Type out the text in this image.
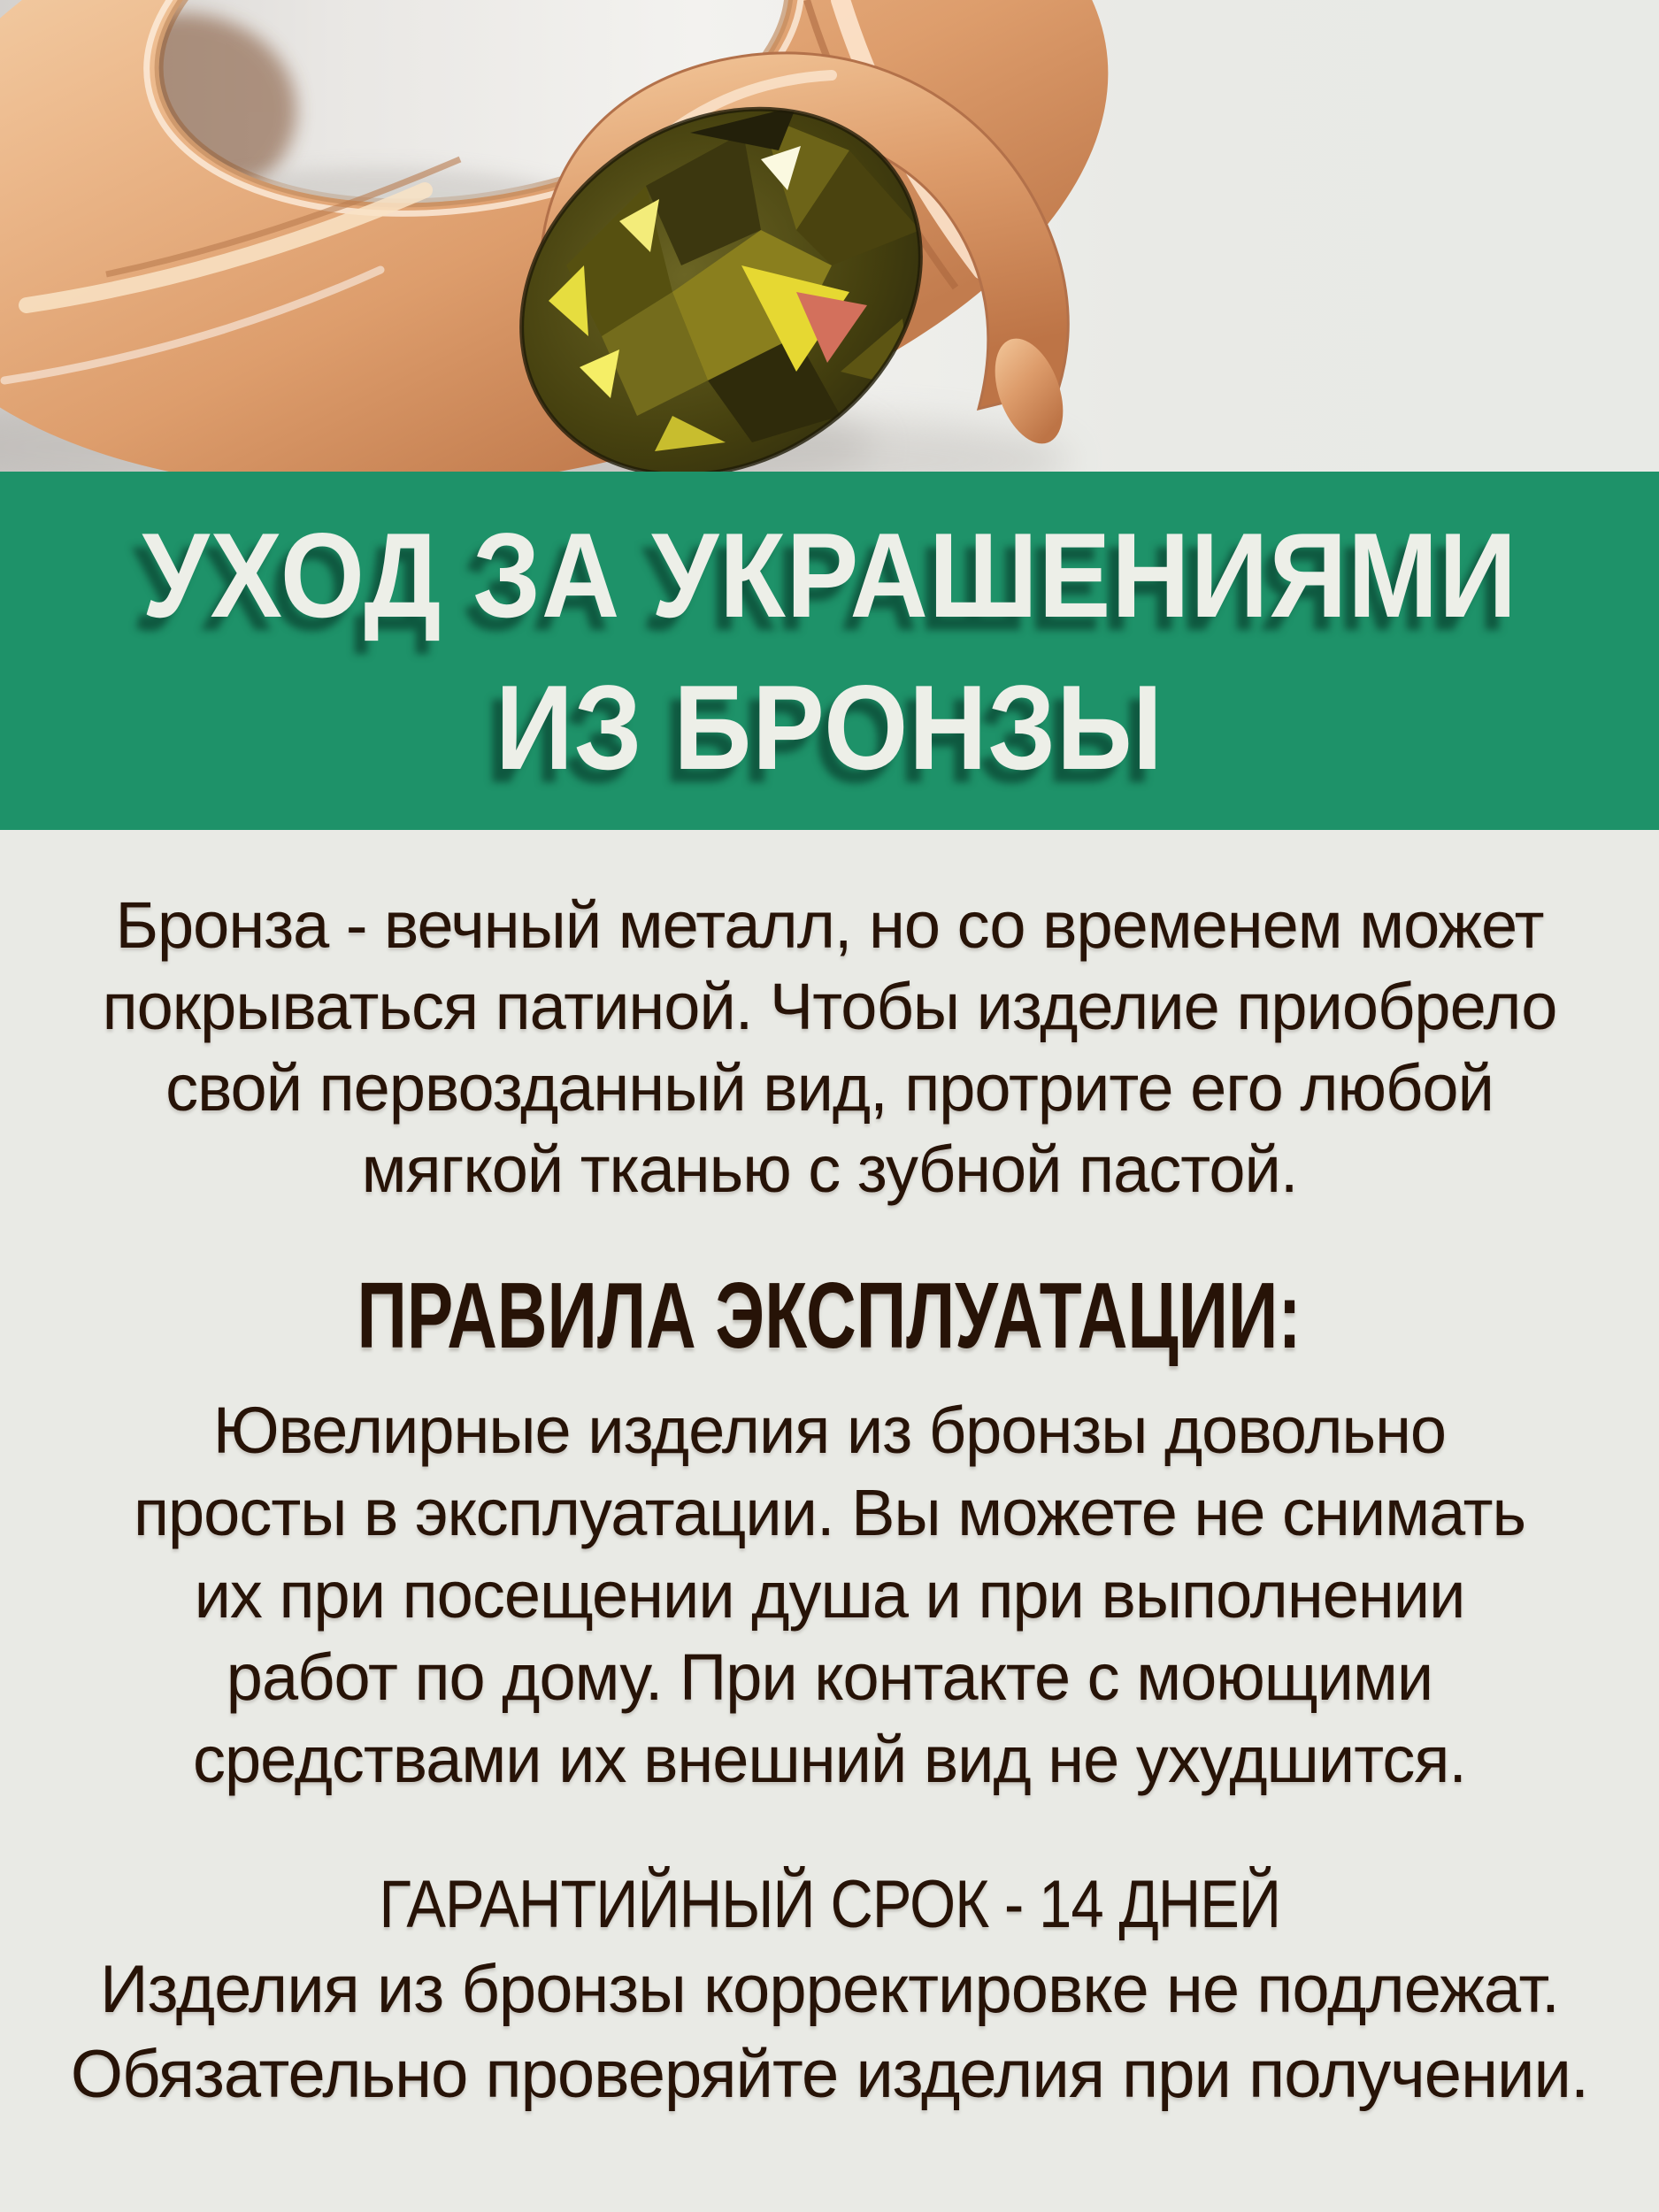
УХОД ЗА УКРАШЕНИЯМИ
ИЗ БРОНЗЫ
Бронза - вечный металл, но со временем может
покрываться патиной. Чтобы изделие приобрело
свой первозданный вид, протрите его любой
мягкой тканью с зубной пастой.
ПРАВИЛА ЭКСПЛУАТАЦИИ:
Ювелирные изделия из бронзы довольно
просты в эксплуатации. Вы можете не снимать
их при посещении душа и при выполнении
работ по дому. При контакте с моющими
средствами их внешний вид не ухудшится.
ГАРАНТИЙНЫЙ СРОК - 14 ДНЕЙ
Изделия из бронзы корректировке не подлежат.
Обязательно проверяйте изделия при получении.
